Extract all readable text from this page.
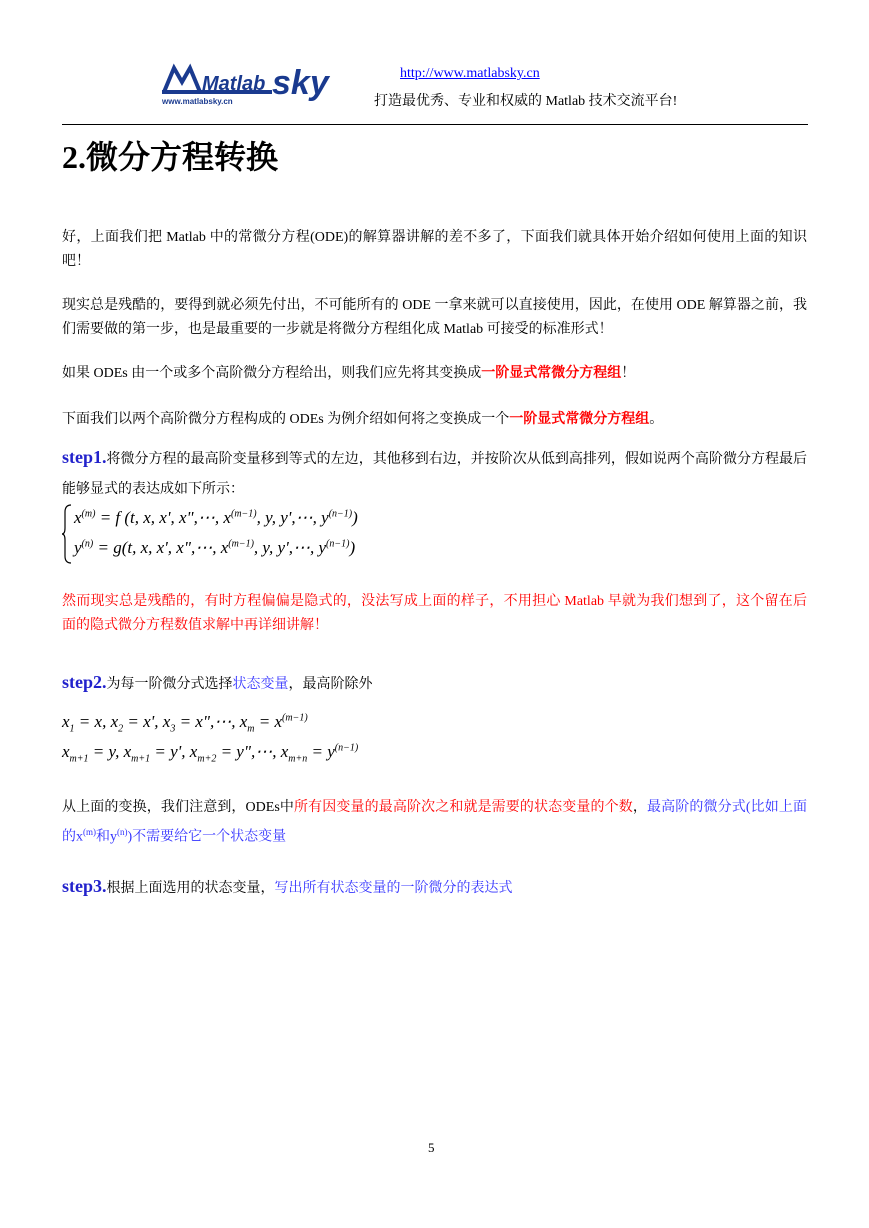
Matlab sky
www.matlabsky.cn
http://www.matlabsky.cn
打造最优秀、专业和权威的 Matlab 技术交流平台!
2.微分方程转换

好，上面我们把 Matlab 中的常微分方程(ODE)的解算器讲解的差不多了，下面我们就具体开始介绍如何使用上面的知识吧！

现实总是残酷的，要得到就必须先付出，不可能所有的 ODE 一拿来就可以直接使用，因此，在使用 ODE 解算器之前，我们需要做的第一步，也是最重要的一步就是将微分方程组化成 Matlab 可接受的标准形式！

如果 ODEs 由一个或多个高阶微分方程给出，则我们应先将其变换成一阶显式常微分方程组！

下面我们以两个高阶微分方程构成的 ODEs 为例介绍如何将之变换成一个一阶显式常微分方程组。

step1.将微分方程的最高阶变量移到等式的左边，其他移到右边，并按阶次从低到高排列，假如说两个高阶微分方程最后能够显式的表达成如下所示：

$x^{(m)} = f$ (t, x, x', x",⋯, $x^{(m-1)}$, y, y',⋯, $y^{(n-1)}$)
$y^{(n)} = g(t$, x, x', x",⋯, $x^{(m-1)}$, y, y',⋯, $y^{(n-1)}$)

然而现实总是残酷的，有时方程偏偏是隐式的，没法写成上面的样子，不用担心 Matlab 早就为我们想到了，这个留在后面的隐式微分方程数值求解中再详细讲解！

step2.为每一阶微分式选择状态变量，最高阶除外

$x_1 = x$, $x_2 = x'$, $x_3$ = x",⋯, $x_m = x^{(m-1)}$
$x_{m+1} = y$, $x_{m+1} = y'$, $x_{m+2}$ = y",⋯, $x_{m+n} = y^{(n-1)}$

从上面的变换，我们注意到，ODEs中所有因变量的最高阶次之和就是需要的状态变量的个数，最高阶的微分式(比如上面的$x^{(m)}$和$y^{(n)}$)不需要给它一个状态变量

step3.根据上面选用的状态变量，写出所有状态变量的一阶微分的表达式

5
